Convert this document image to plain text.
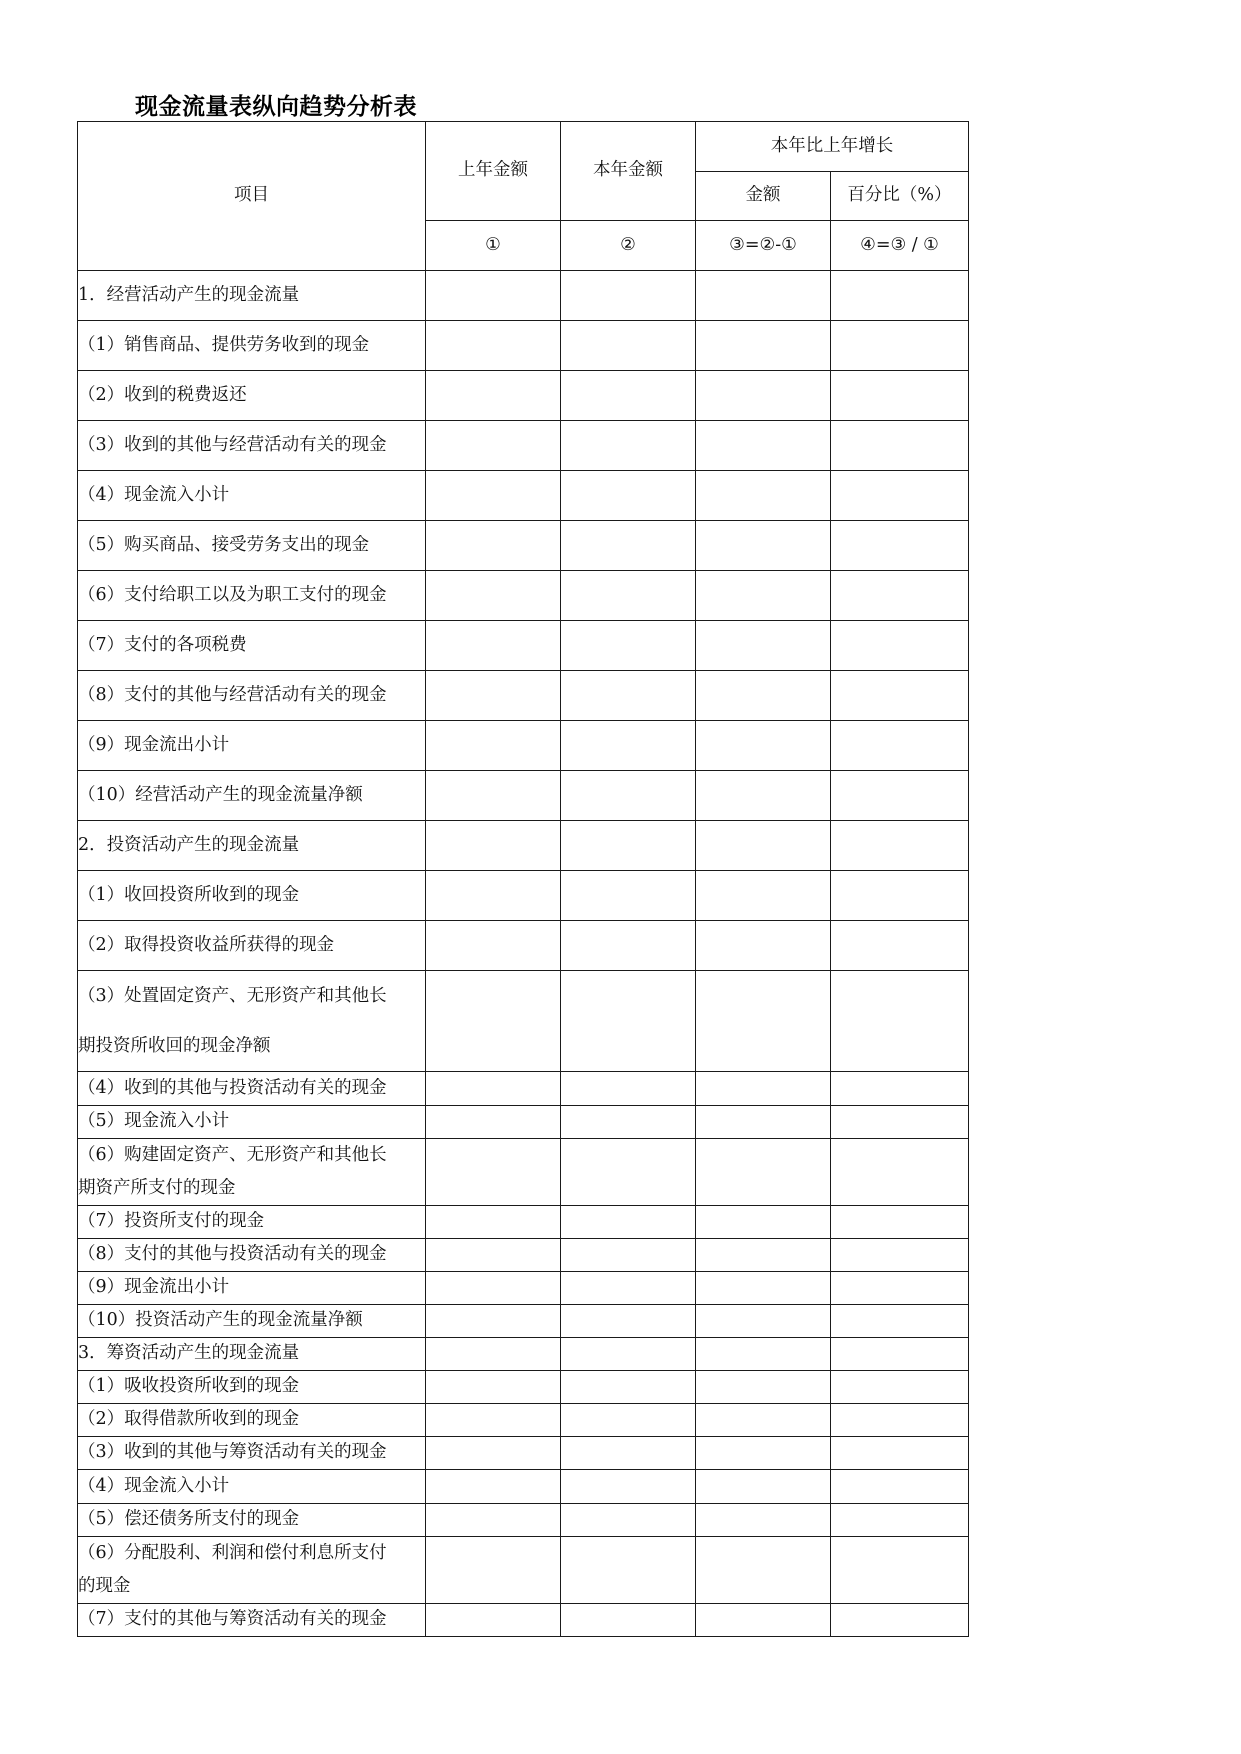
现金流量表纵向趋势分析表
项目	上年金额	本年金额	本年比上年增长	
			金额	百分比（%）
	①	②	③=②-①	④=③ / ①

1．经营活动产生的现金流量				

（1）销售商品、提供劳务收到的现金				

（2）收到的税费返还				

（3）收到的其他与经营活动有关的现金				

（4）现金流入小计				

（5）购买商品、接受劳务支出的现金				

（6）支付给职工以及为职工支付的现金				

（7）支付的各项税费				

（8）支付的其他与经营活动有关的现金				

（9）现金流出小计				

（10）经营活动产生的现金流量净额				

2．投资活动产生的现金流量				

（1）收回投资所收到的现金				

（2）取得投资收益所获得的现金				

（3）处置固定资产、无形资产和其他长
期投资所收回的现金净额				

（4）收到的其他与投资活动有关的现金				

（5）现金流入小计				

（6）购建固定资产、无形资产和其他长
期资产所支付的现金				

（7）投资所支付的现金				

（8）支付的其他与投资活动有关的现金				

（9）现金流出小计				

（10）投资活动产生的现金流量净额				

3．筹资活动产生的现金流量				

（1）吸收投资所收到的现金				

（2）取得借款所收到的现金				

（3）收到的其他与筹资活动有关的现金				

（4）现金流入小计				

（5）偿还债务所支付的现金				

（6）分配股利、利润和偿付利息所支付
的现金				

（7）支付的其他与筹资活动有关的现金				
